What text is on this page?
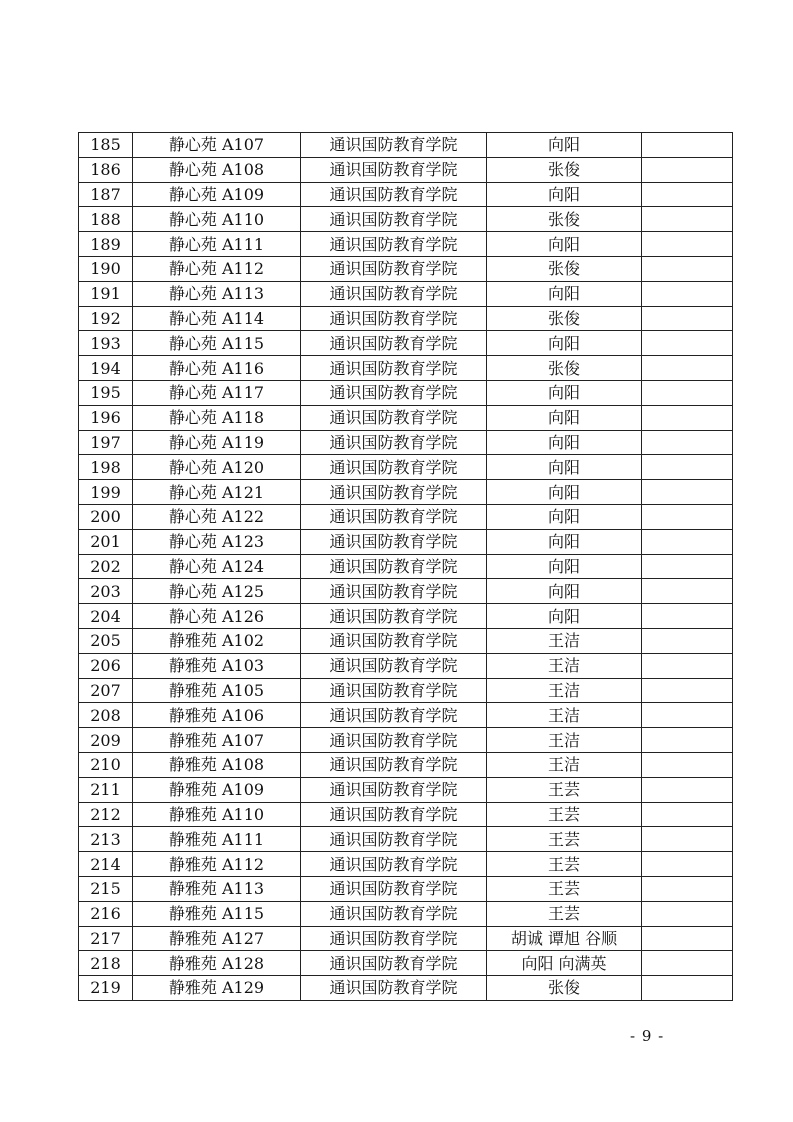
185	静心苑 A107	通识国防教育学院	向阳	
186	静心苑 A108	通识国防教育学院	张俊	
187	静心苑 A109	通识国防教育学院	向阳	
188	静心苑 A110	通识国防教育学院	张俊	
189	静心苑 A111	通识国防教育学院	向阳	
190	静心苑 A112	通识国防教育学院	张俊	
191	静心苑 A113	通识国防教育学院	向阳	
192	静心苑 A114	通识国防教育学院	张俊	
193	静心苑 A115	通识国防教育学院	向阳	
194	静心苑 A116	通识国防教育学院	张俊	
195	静心苑 A117	通识国防教育学院	向阳	
196	静心苑 A118	通识国防教育学院	向阳	
197	静心苑 A119	通识国防教育学院	向阳	
198	静心苑 A120	通识国防教育学院	向阳	
199	静心苑 A121	通识国防教育学院	向阳	
200	静心苑 A122	通识国防教育学院	向阳	
201	静心苑 A123	通识国防教育学院	向阳	
202	静心苑 A124	通识国防教育学院	向阳	
203	静心苑 A125	通识国防教育学院	向阳	
204	静心苑 A126	通识国防教育学院	向阳	
205	静雅苑 A102	通识国防教育学院	王洁	
206	静雅苑 A103	通识国防教育学院	王洁	
207	静雅苑 A105	通识国防教育学院	王洁	
208	静雅苑 A106	通识国防教育学院	王洁	
209	静雅苑 A107	通识国防教育学院	王洁	
210	静雅苑 A108	通识国防教育学院	王洁	
211	静雅苑 A109	通识国防教育学院	王芸	
212	静雅苑 A110	通识国防教育学院	王芸	
213	静雅苑 A111	通识国防教育学院	王芸	
214	静雅苑 A112	通识国防教育学院	王芸	
215	静雅苑 A113	通识国防教育学院	王芸	
216	静雅苑 A115	通识国防教育学院	王芸	
217	静雅苑 A127	通识国防教育学院	胡诚 谭旭 谷顺	
218	静雅苑 A128	通识国防教育学院	向阳 向满英	
219	静雅苑 A129	通识国防教育学院	张俊	
- 9 -
